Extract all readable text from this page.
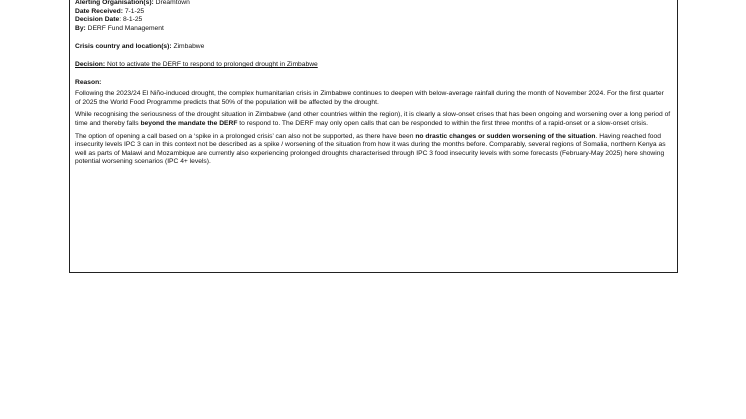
Alerting Organisation(s): Dreamtown
Date Received: 7-1-25
Decision Date: 8-1-25
By: DERF Fund Management
Crisis country and location(s): Zimbabwe
Decision: Not to activate the DERF to respond to prolonged drought in Zimbabwe
Reason:

Following the 2023/24 El Niño-induced drought, the complex humanitarian crisis in Zimbabwe continues to deepen with below-average rainfall during the month of November 2024. For the first quarter of 2025 the World Food Programme predicts that 50% of the population will be affected by the drought.

While recognising the seriousness of the drought situation in Zimbabwe (and other countries within the region), it is clearly a slow-onset crises that has been ongoing and worsening over a long period of time and thereby falls beyond the mandate the DERF to respond to. The DERF may only open calls that can be responded to within the first three months of a rapid-onset or a slow-onset crisis.

The option of opening a call based on a ‘spike in a prolonged crisis’ can also not be supported, as there have been no drastic changes or sudden worsening of the situation. Having reached food insecurity levels IPC 3 can in this context not be described as a spike / worsening of the situation from how it was during the months before. Comparably, several regions of Somalia, northern Kenya as well as parts of Malawi and Mozambique are currently also experiencing prolonged droughts characterised through IPC 3 food insecurity levels with some forecasts (February-May 2025) here showing potential worsening scenarios (IPC 4+ levels).
